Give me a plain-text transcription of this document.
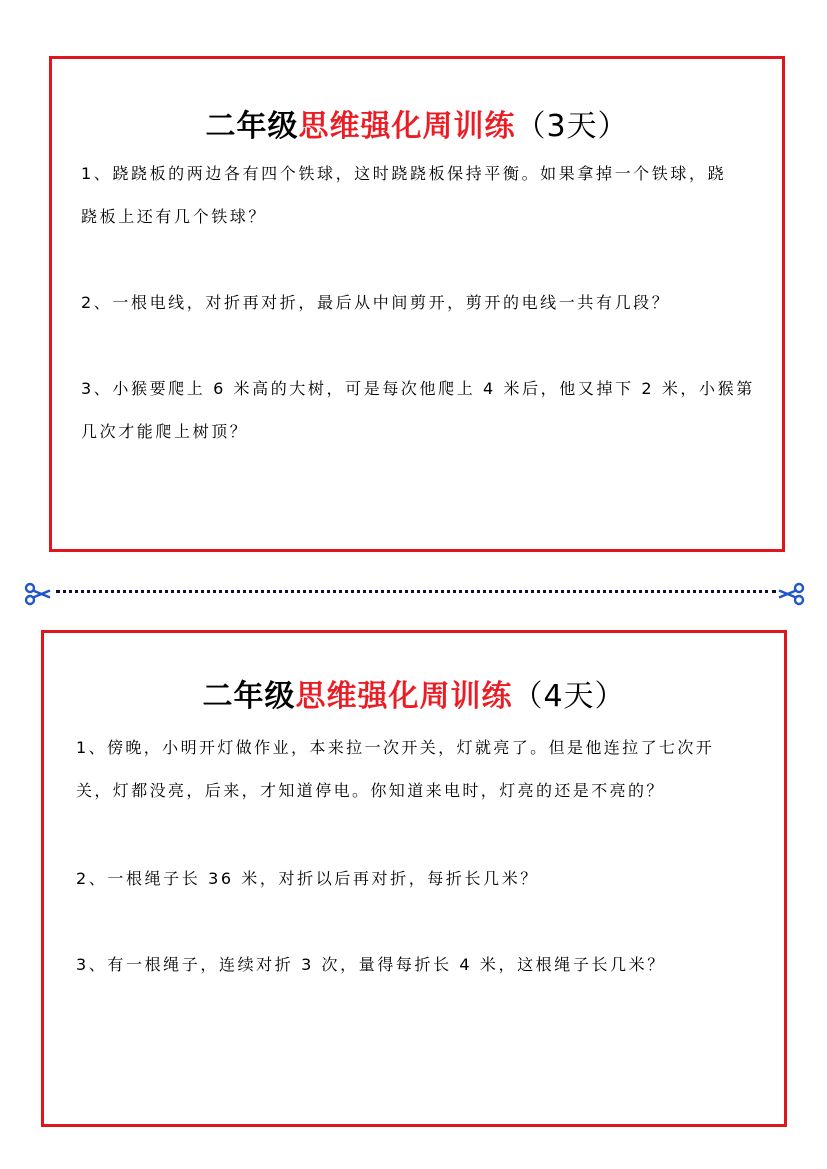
二年级思维强化周训练（3天）
1、跷跷板的两边各有四个铁球，这时跷跷板保持平衡。如果拿掉一个铁球，跷
跷板上还有几个铁球？
2、一根电线，对折再对折，最后从中间剪开，剪开的电线一共有几段？
3、小猴要爬上 6 米高的大树，可是每次他爬上 4 米后，他又掉下 2 米，小猴第
几次才能爬上树顶？
二年级思维强化周训练（4天）
1、傍晚，小明开灯做作业，本来拉一次开关，灯就亮了。但是他连拉了七次开
关，灯都没亮，后来，才知道停电。你知道来电时，灯亮的还是不亮的？
2、一根绳子长 36 米，对折以后再对折，每折长几米？
3、有一根绳子，连续对折 3 次，量得每折长 4 米，这根绳子长几米？
